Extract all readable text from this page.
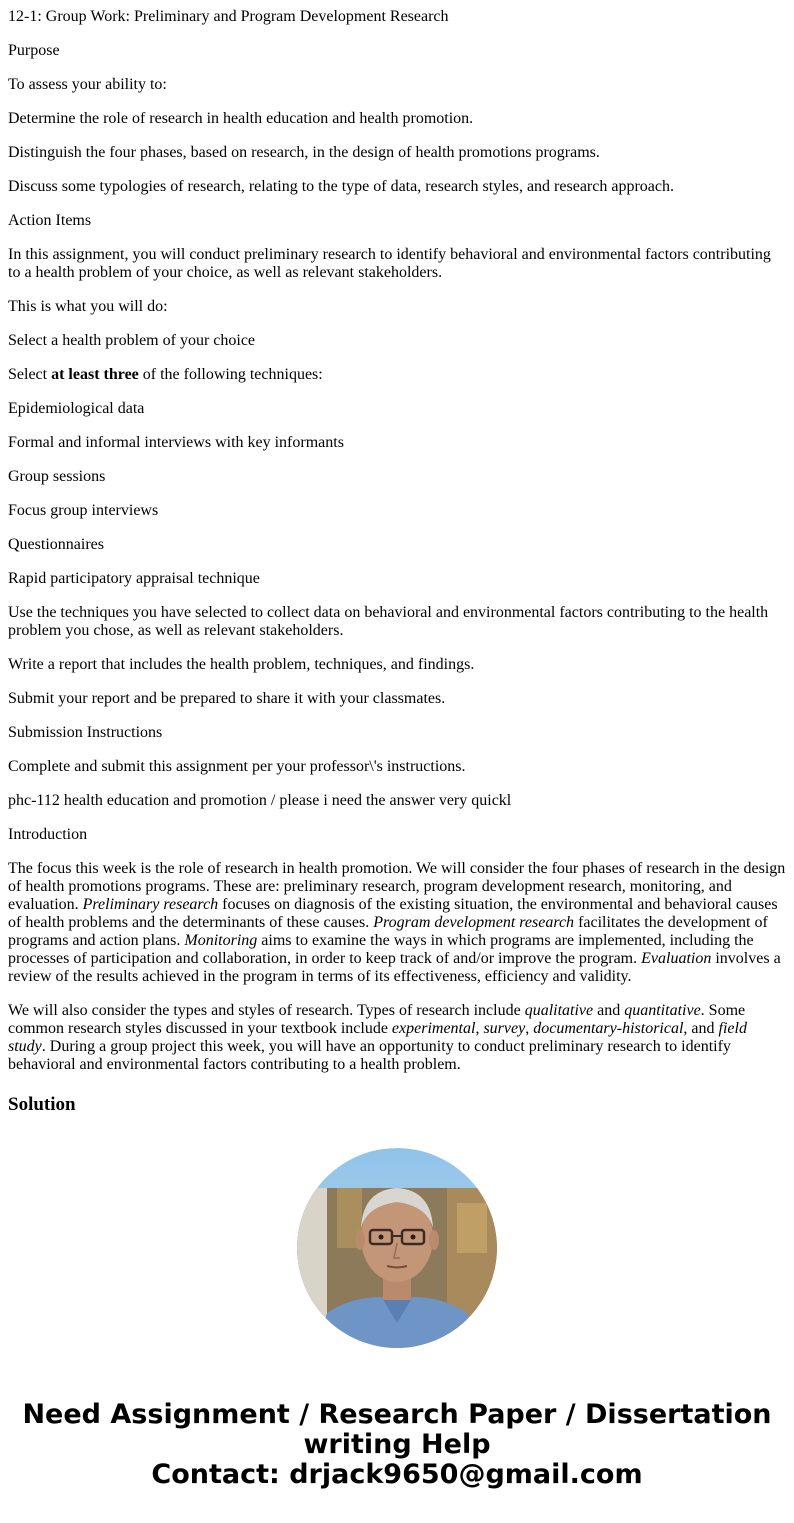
12-1: Group Work: Preliminary and Program Development Research

Purpose

To assess your ability to:

Determine the role of research in health education and health promotion.

Distinguish the four phases, based on research, in the design of health promotions programs.

Discuss some typologies of research, relating to the type of data, research styles, and research approach.

Action Items

In this assignment, you will conduct preliminary research to identify behavioral and environmental factors contributing to a health problem of your choice, as well as relevant stakeholders.

This is what you will do:

Select a health problem of your choice

Select at least three of the following techniques:

Epidemiological data

Formal and informal interviews with key informants

Group sessions

Focus group interviews

Questionnaires

Rapid participatory appraisal technique

Use the techniques you have selected to collect data on behavioral and environmental factors contributing to the health problem you chose, as well as relevant stakeholders.

Write a report that includes the health problem, techniques, and findings.

Submit your report and be prepared to share it with your classmates.

Submission Instructions

Complete and submit this assignment per your professor\'s instructions.

phc-112 health education and promotion / please i need the answer very quickl

Introduction

The focus this week is the role of research in health promotion. We will consider the four phases of research in the design of health promotions programs. These are: preliminary research, program development research, monitoring, and evaluation. Preliminary research focuses on diagnosis of the existing situation, the environmental and behavioral causes of health problems and the determinants of these causes. Program development research facilitates the development of programs and action plans. Monitoring aims to examine the ways in which programs are implemented, including the processes of participation and collaboration, in order to keep track of and/or improve the program. Evaluation involves a review of the results achieved in the program in terms of its effectiveness, efficiency and validity.

We will also consider the types and styles of research. Types of research include qualitative and quantitative. Some common research styles discussed in your textbook include experimental, survey, documentary-historical, and field study. During a group project this week, you will have an opportunity to conduct preliminary research to identify behavioral and environmental factors contributing to a health problem.

Solution
Need Assignment / Research Paper / Dissertation
writing Help
Contact: drjack9650@gmail.com
